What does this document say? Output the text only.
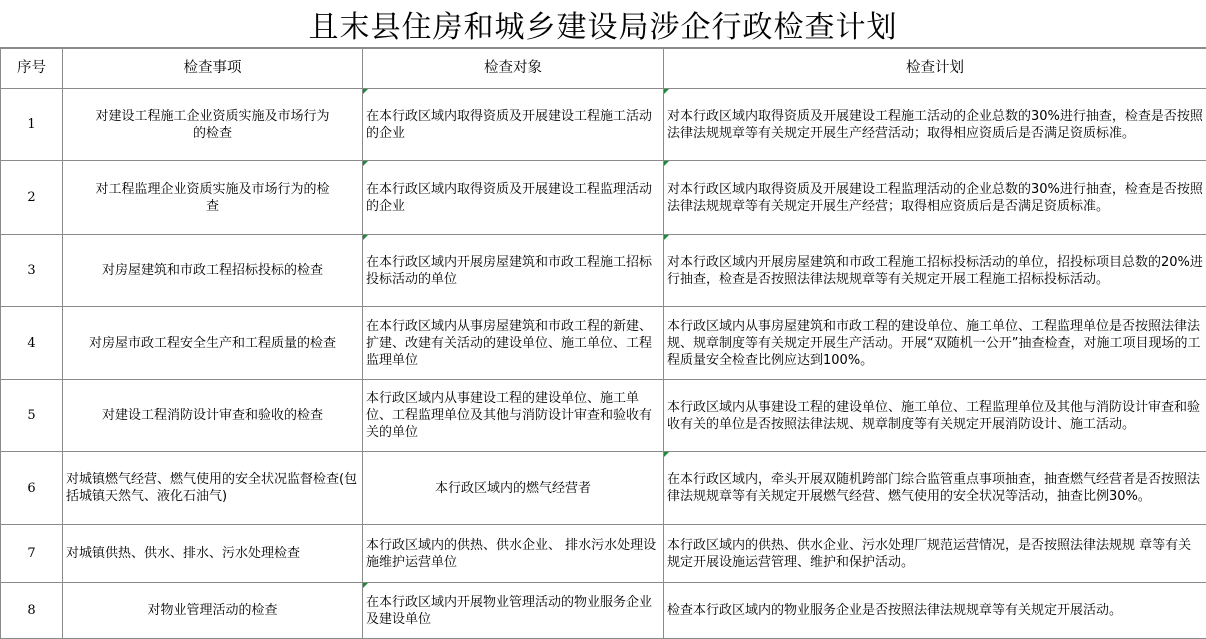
且末县住房和城乡建设局涉企行政检查计划
序号	检查事项	检查对象	检查计划
1	对建设工程施工企业资质实施及市场行为的检查	在本行政区域内取得资质及开展建设工程施工活动的企业	对本行政区域内取得资质及开展建设工程施工活动的企业总数的30%进行抽查，检查是否按照法律法规规章等有关规定开展生产经营活动；取得相应资质后是否满足资质标准。
2	对工程监理企业资质实施及市场行为的检查	在本行政区域内取得资质及开展建设工程监理活动的企业	对本行政区域内取得资质及开展建设工程监理活动的企业总数的30%进行抽查，检查是否按照法律法规规章等有关规定开展生产经营；取得相应资质后是否满足资质标准。
3	对房屋建筑和市政工程招标投标的检查	在本行政区域内开展房屋建筑和市政工程施工招标投标活动的单位	对本行政区域内开展房屋建筑和市政工程施工招标投标活动的单位，招投标项目总数的20%进行抽查，检查是否按照法律法规规章等有关规定开展工程施工招标投标活动。
4	对房屋市政工程安全生产和工程质量的检查	在本行政区域内从事房屋建筑和市政工程的新建、扩建、改建有关活动的建设单位、施工单位、工程监理单位	本行政区域内从事房屋建筑和市政工程的建设单位、施工单位、工程监理单位是否按照法律法规、规章制度等有关规定开展生产活动。开展“双随机一公开”抽查检查，对施工项目现场的工程质量安全检查比例应达到100%。
5	对建设工程消防设计审查和验收的检查	本行政区域内从事建设工程的建设单位、施工单位、工程监理单位及其他与消防设计审查和验收有关的单位	本行政区域内从事建设工程的建设单位、施工单位、工程监理单位及其他与消防设计审查和验收有关的单位是否按照法律法规、规章制度等有关规定开展消防设计、施工活动。
6	对城镇燃气经营、燃气使用的安全状况监督检查(包括城镇天然气、液化石油气)	本行政区域内的燃气经营者	在本行政区域内，牵头开展双随机跨部门综合监管重点事项抽查，抽查燃气经营者是否按照法律法规规章等有关规定开展燃气经营、燃气使用的安全状况等活动，抽查比例30%。
7	对城镇供热、供水、排水、污水处理检查	本行政区域内的供热、供水企业、 排水污水处理设施维护运营单位	本行政区域内的供热、供水企业、污水处理厂规范运营情况，是否按照法律法规规 章等有关规定开展设施运营管理、维护和保护活动。
8	对物业管理活动的检查	在本行政区域内开展物业管理活动的物业服务企业及建设单位	检查本行政区域内的物业服务企业是否按照法律法规规章等有关规定开展活动。
